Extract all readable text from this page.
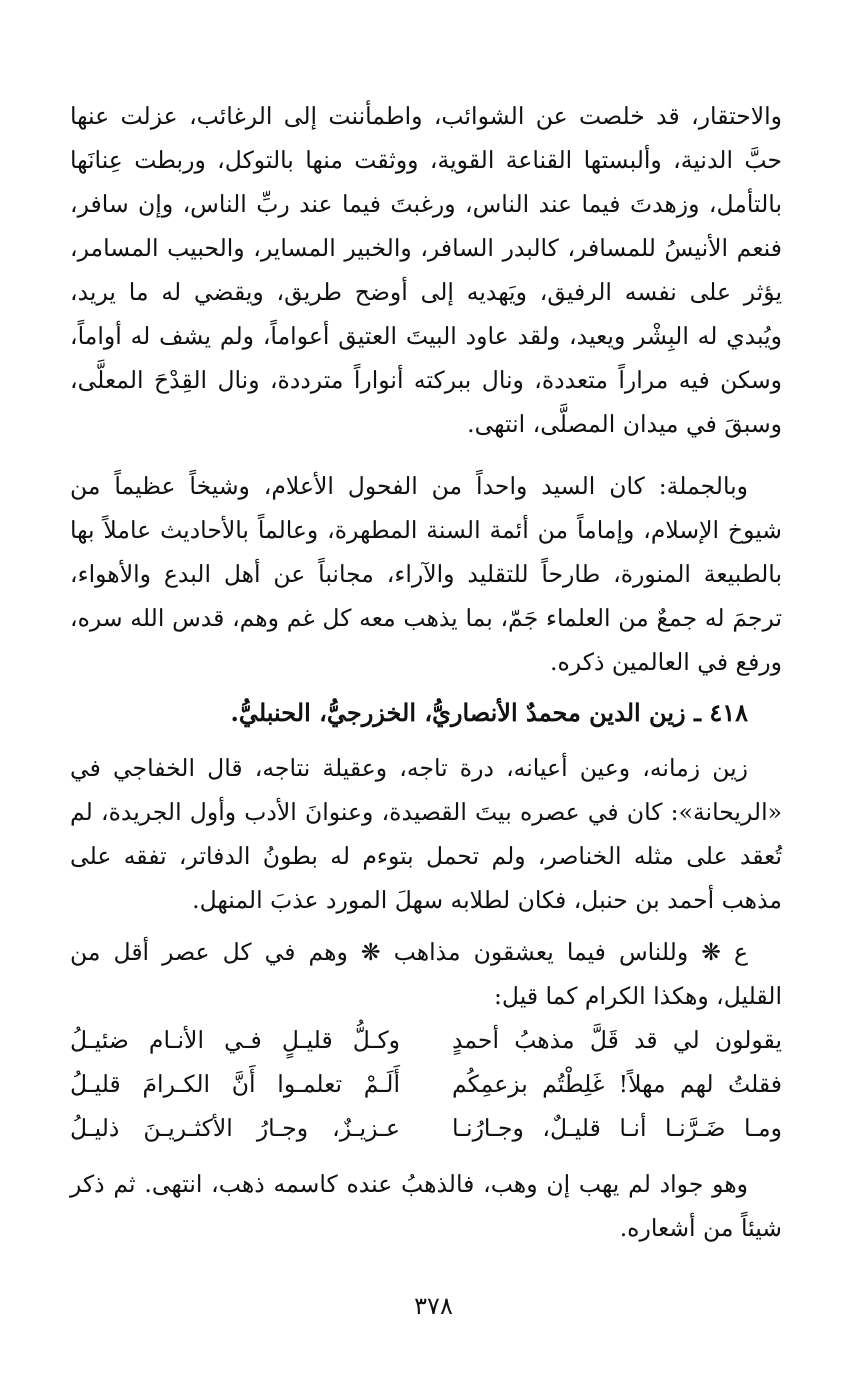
والاحتقار، قد خلصت عن الشوائب، واطمأننت إلى الرغائب، عزلت عنها حبَّ الدنية، وألبستها القناعة القوية، ووثقت منها بالتوكل، وربطت عِنانَها بالتأمل، وزهدتَ فيما عند الناس، ورغبتَ فيما عند ربِّ الناس، وإن سافر، فنعم الأنيسُ للمسافر، كالبدر السافر، والخبير المساير، والحبيب المسامر، يؤثر على نفسه الرفيق، ويَهديه إلى أوضح طريق، ويقضي له ما يريد، ويُبدي له البِشْر ويعيد، ولقد عاود البيتَ العتيق أعواماً، ولم يشف له أواماً، وسكن فيه مراراً متعددة، ونال ببركته أنواراً مترددة، ونال القِدْحَ المعلَّى، وسبقَ في ميدان المصلَّى، انتهى.

وبالجملة: كان السيد واحداً من الفحول الأعلام، وشيخاً عظيماً من شيوخ الإسلام، وإماماً من أئمة السنة المطهرة، وعالماً بالأحاديث عاملاً بها بالطبيعة المنورة، طارحاً للتقليد والآراء، مجانباً عن أهل البدع والأهواء، ترجمَ له جمعٌ من العلماء جَمّ، بما يذهب معه كل غم وهم، قدس الله سره، ورفع في العالمين ذكره.

٤١٨ ـ زين الدين محمدٌ الأنصاريُّ، الخزرجيُّ، الحنبليُّ.

زين زمانه، وعين أعيانه، درة تاجه، وعقيلة نتاجه، قال الخفاجي في «الريحانة»: كان في عصره بيتَ القصيدة، وعنوانَ الأدب وأول الجريدة، لم تُعقد على مثله الخناصر، ولم تحمل بتوءم له بطونُ الدفاتر، تفقه على مذهب أحمد بن حنبل، فكان لطلابه سهلَ المورد عذبَ المنهل.

ع ❋ وللناس فيما يعشقون مذاهب ❋ وهم في كل عصر أقل من القليل، وهكذا الكرام كما قيل:

يقولون لي قد قَلَّ مذهبُ أحمدٍ
وكـلُّ قليـلٍ فـي الأنـام ضئيـلُ
فقلتُ لهم مهلاً! غَلِطْتُم بزعمِكُم
أَلَـمْ تعلمـوا أَنَّ الكـرامَ قليـلُ
ومـا ضَـرَّنـا أنـا قليـلٌ، وجـارُنـا
عـزيـزٌ، وجـارُ الأكثـريـنَ ذليـلُ

وهو جواد لم يهب إن وهب، فالذهبُ عنده كاسمه ذهب، انتهى. ثم ذكر شيئاً من أشعاره.

٣٧٨
